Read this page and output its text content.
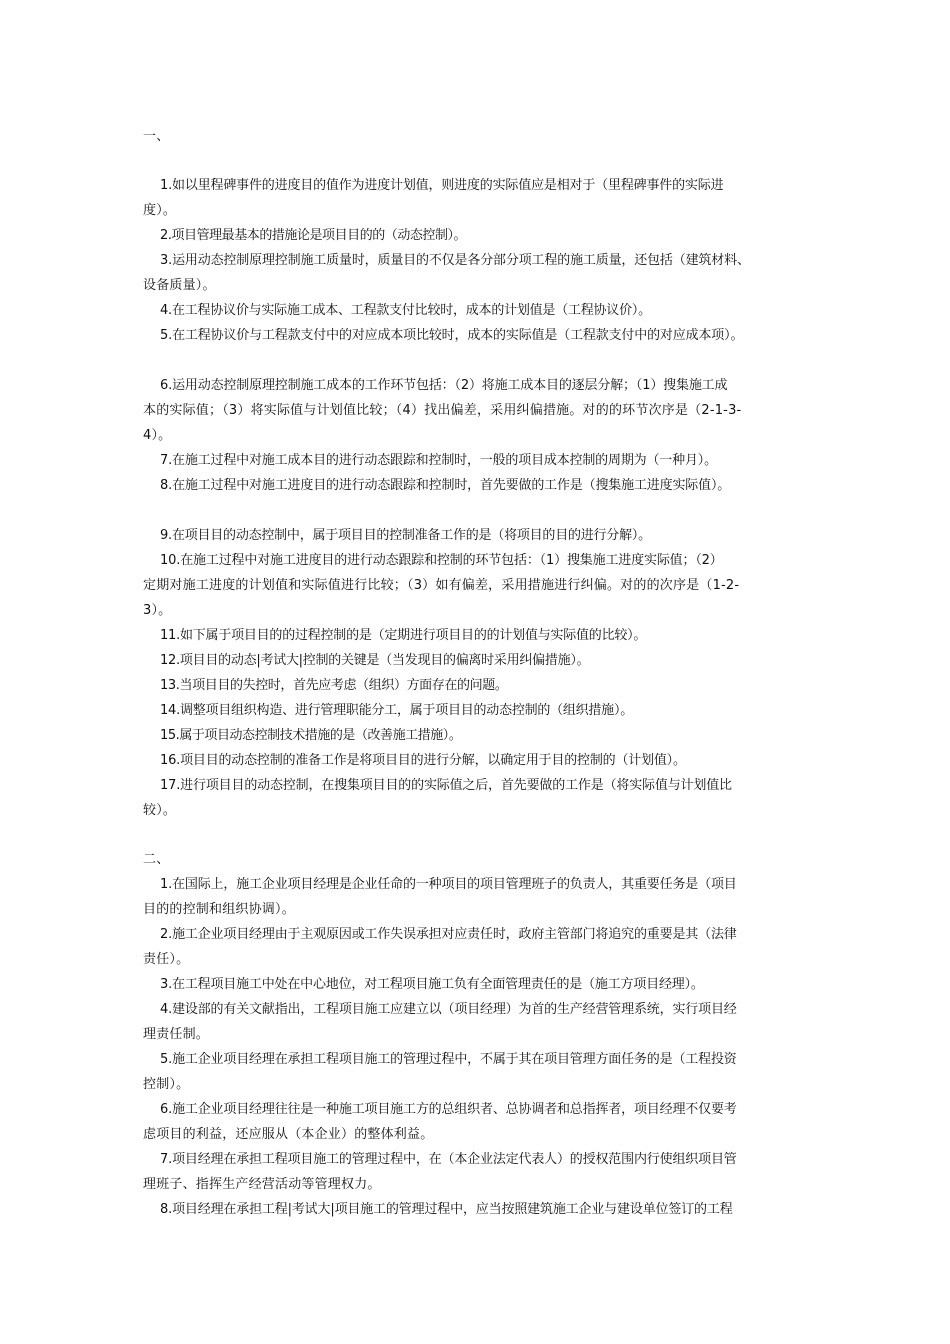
一、
1.如以里程碑事件的进度目的值作为进度计划值，则进度的实际值应是相对于（里程碑事件的实际进
度）。
2.项目管理最基本的措施论是项目目的的（动态控制）。
3.运用动态控制原理控制施工质量时，质量目的不仅是各分部分项工程的施工质量，还包括（建筑材料、
设备质量）。
4.在工程协议价与实际施工成本、工程款支付比较时，成本的计划值是（工程协议价）。
5.在工程协议价与工程款支付中的对应成本项比较时，成本的实际值是（工程款支付中的对应成本项）。
6.运用动态控制原理控制施工成本的工作环节包括：（2）将施工成本目的逐层分解；（1）搜集施工成
本的实际值；（3）将实际值与计划值比较；（4）找出偏差，采用纠偏措施。对的的环节次序是（2-1-3-
4）。
7.在施工过程中对施工成本目的进行动态跟踪和控制时，一般的项目成本控制的周期为（一种月）。
8.在施工过程中对施工进度目的进行动态跟踪和控制时，首先要做的工作是（搜集施工进度实际值）。
9.在项目目的动态控制中，属于项目目的控制准备工作的是（将项目的目的进行分解）。
10.在施工过程中对施工进度目的进行动态跟踪和控制的环节包括：（1）搜集施工进度实际值；（2）
定期对施工进度的计划值和实际值进行比较；（3）如有偏差，采用措施进行纠偏。对的的次序是（1-2-
3）。
11.如下属于项目目的的过程控制的是（定期进行项目目的的计划值与实际值的比较）。
12.项目目的动态|考试大|控制的关键是（当发现目的偏离时采用纠偏措施）。
13.当项目目的失控时，首先应考虑（组织）方面存在的问题。
14.调整项目组织构造、进行管理职能分工，属于项目目的动态控制的（组织措施）。
15.属于项目动态控制技术措施的是（改善施工措施）。
16.项目目的动态控制的准备工作是将项目目的进行分解，以确定用于目的控制的（计划值）。
17.进行项目目的动态控制，在搜集项目目的的实际值之后，首先要做的工作是（将实际值与计划值比
较）。
二、
1.在国际上，施工企业项目经理是企业任命的一种项目的项目管理班子的负责人，其重要任务是（项目
目的的控制和组织协调）。
2.施工企业项目经理由于主观原因或工作失误承担对应责任时，政府主管部门将追究的重要是其（法律
责任）。
3.在工程项目施工中处在中心地位，对工程项目施工负有全面管理责任的是（施工方项目经理）。
4.建设部的有关文献指出，工程项目施工应建立以（项目经理）为首的生产经营管理系统，实行项目经
理责任制。
5.施工企业项目经理在承担工程项目施工的管理过程中，不属于其在项目管理方面任务的是（工程投资
控制）。
6.施工企业项目经理往往是一种施工项目施工方的总组织者、总协调者和总指挥者，项目经理不仅要考
虑项目的利益，还应服从（本企业）的整体利益。
7.项目经理在承担工程项目施工的管理过程中，在（本企业法定代表人）的授权范围内行使组织项目管
理班子、指挥生产经营活动等管理权力。
8.项目经理在承担工程|考试大|项目施工的管理过程中，应当按照建筑施工企业与建设单位签订的工程
